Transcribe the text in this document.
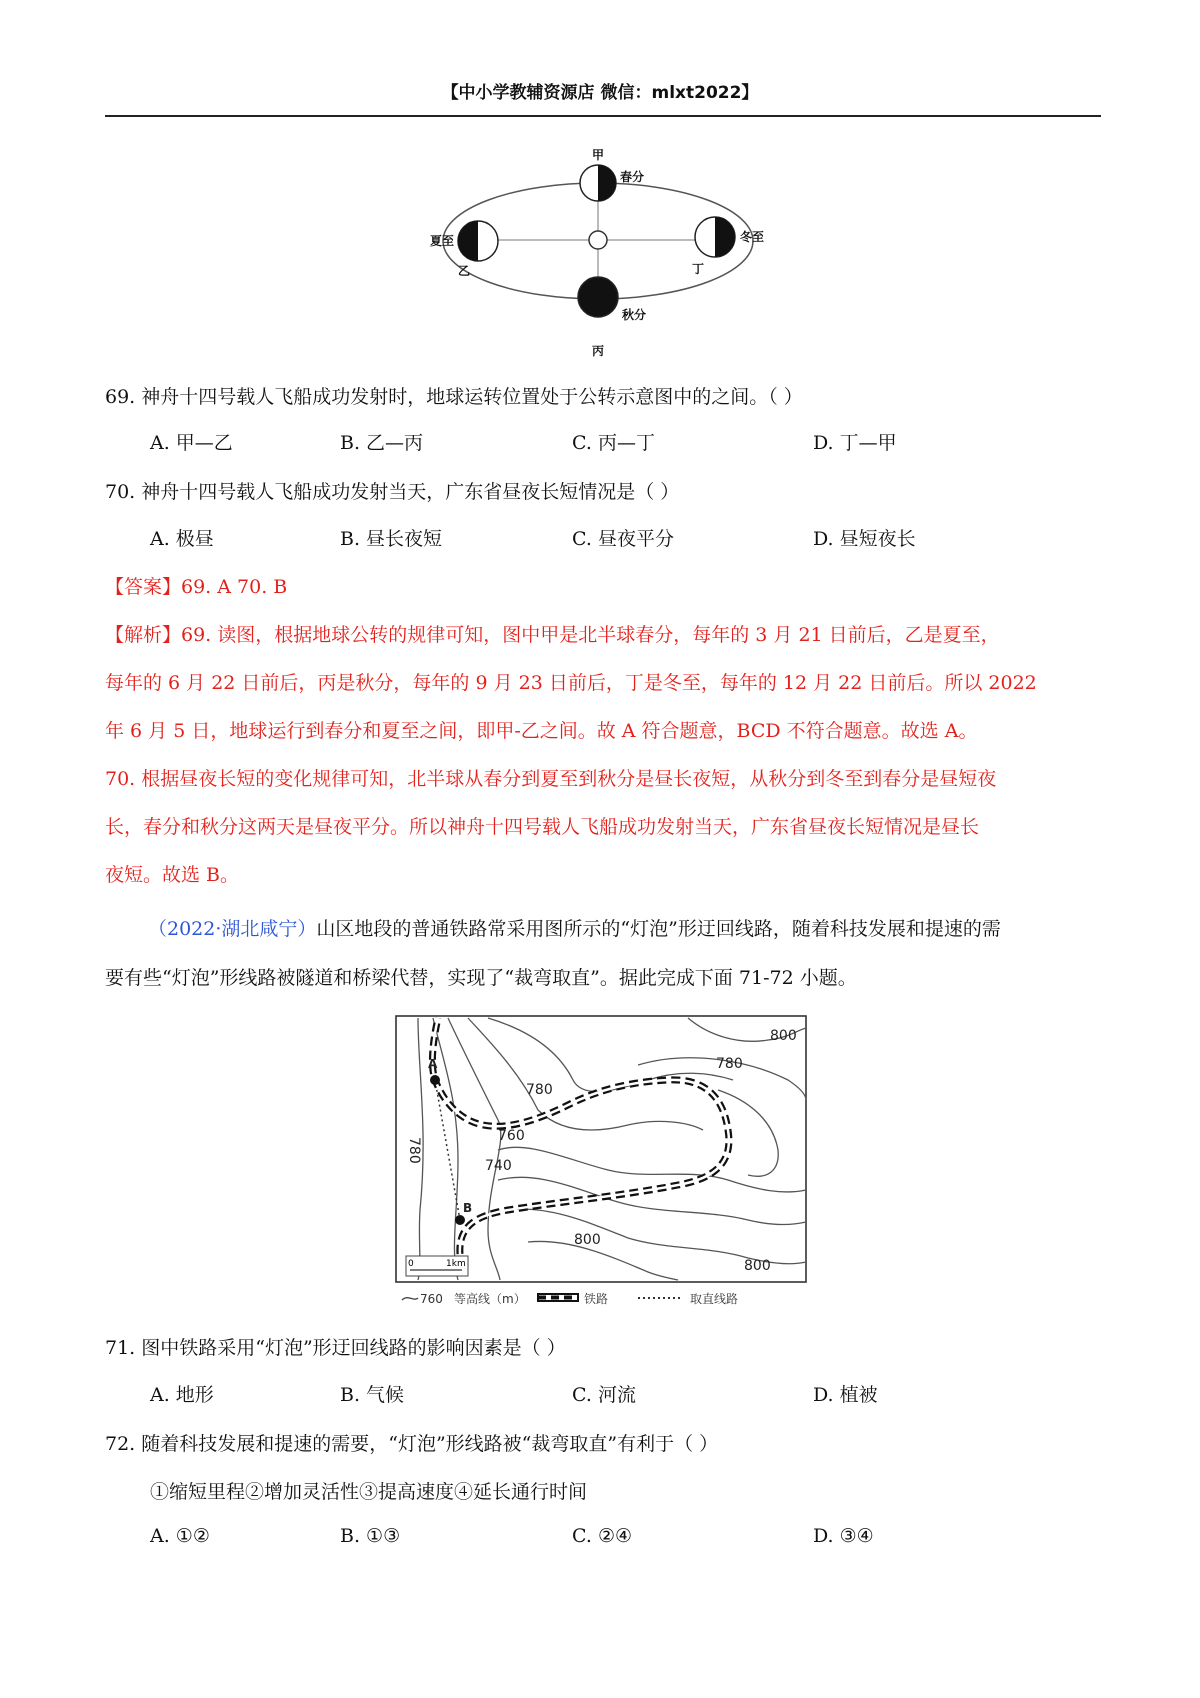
【中小学教辅资源店 微信：mlxt2022】
甲
春分
夏至
乙
冬至
丁
秋分
丙
69. 神舟十四号载人飞船成功发射时，地球运转位置处于公转示意图中的之间。（ ）
A. 甲—乙	B. 乙—丙	C. 丙—丁	D. 丁—甲
70. 神舟十四号载人飞船成功发射当天，广东省昼夜长短情况是（ ）
A. 极昼	B. 昼长夜短	C. 昼夜平分	D. 昼短夜长
【答案】69. A 70. B
【解析】69. 读图，根据地球公转的规律可知，图中甲是北半球春分，每年的 3 月 21 日前后，乙是夏至，
每年的 6 月 22 日前后，丙是秋分，每年的 9 月 23 日前后，丁是冬至，每年的 12 月 22 日前后。所以 2022
年 6 月 5 日，地球运行到春分和夏至之间，即甲-乙之间。故 A 符合题意，BCD 不符合题意。故选 A。
70. 根据昼夜长短的变化规律可知，北半球从春分到夏至到秋分是昼长夜短，从秋分到冬至到春分是昼短夜
长，春分和秋分这两天是昼夜平分。所以神舟十四号载人飞船成功发射当天，广东省昼夜长短情况是昼长
夜短。故选 B。
（2022·湖北咸宁）山区地段的普通铁路常采用图所示的“灯泡”形迂回线路，随着科技发展和提速的需
要有些“灯泡”形线路被隧道和桥梁代替，实现了“裁弯取直”。据此完成下面 71-72 小题。
A
B
800
780
780
760
740
780
800
800
0	1km
760 等高线（m）	铁路	取直线路
71. 图中铁路采用“灯泡”形迂回线路的影响因素是（ ）
A. 地形	B. 气候	C. 河流	D. 植被
72. 随着科技发展和提速的需要，“灯泡”形线路被“裁弯取直”有利于（ ）
①缩短里程②增加灵活性③提高速度④延长通行时间
A. ①②	B. ①③	C. ②④	D. ③④
